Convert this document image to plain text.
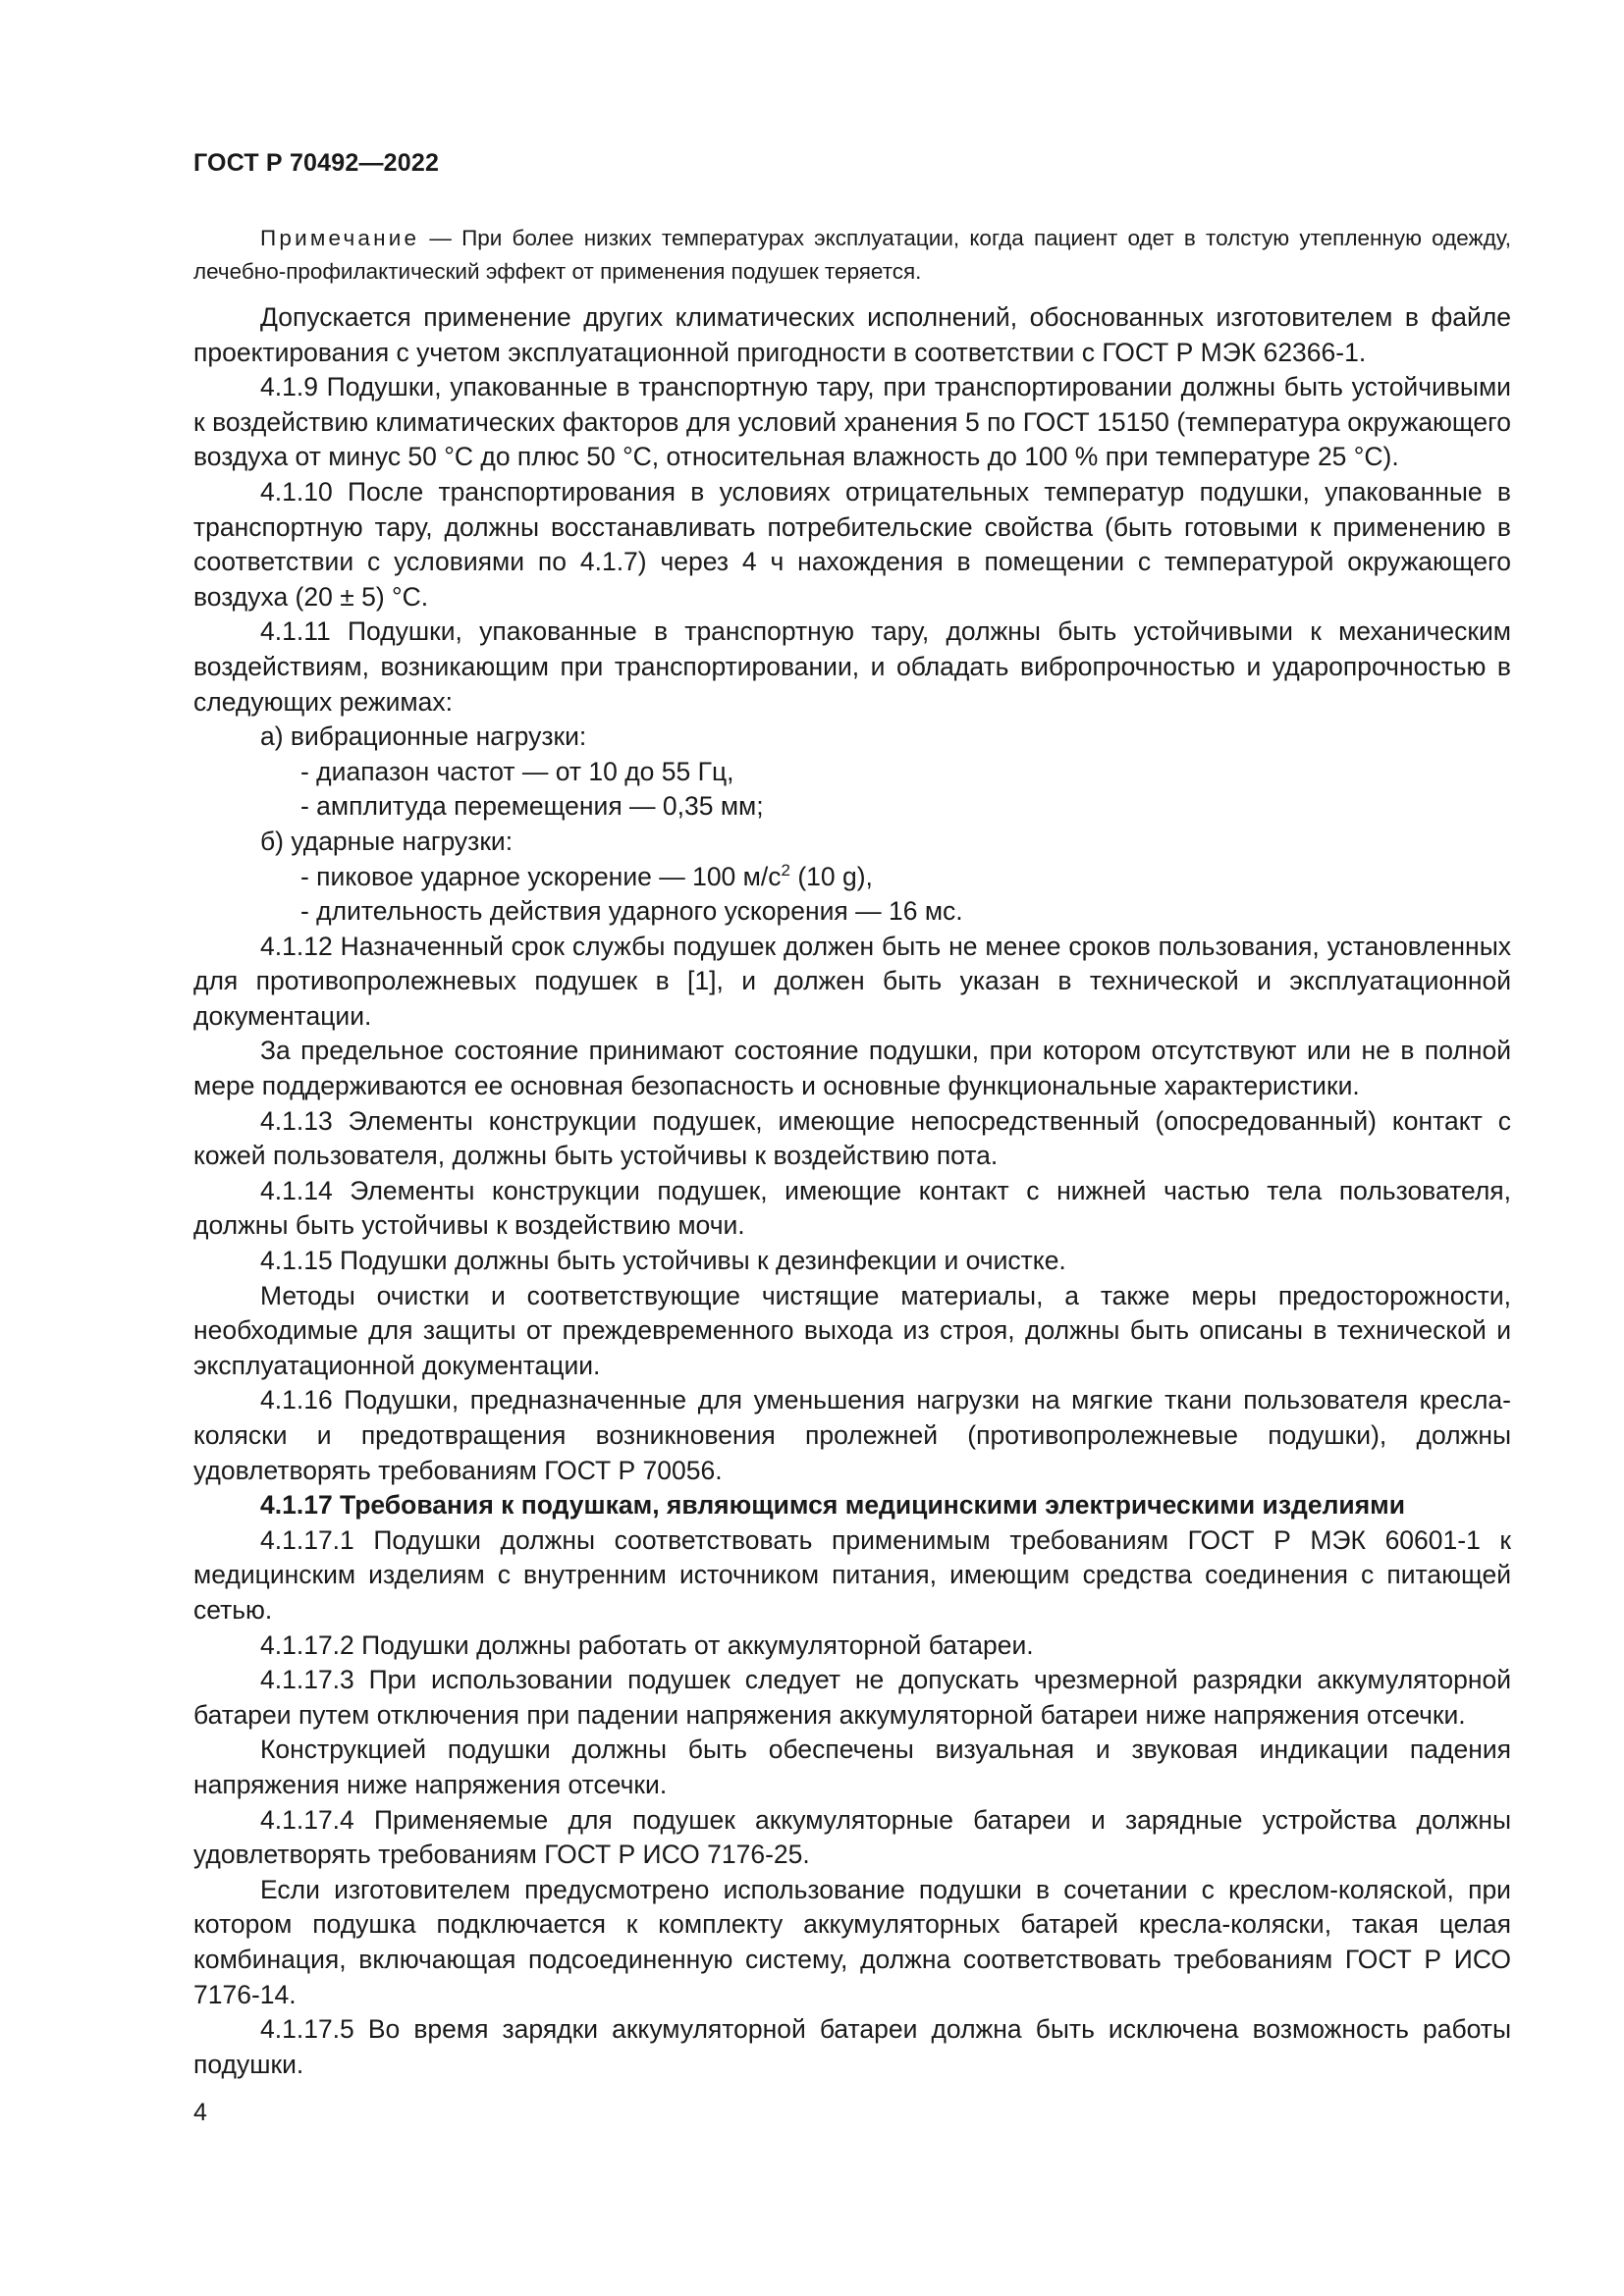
ГОСТ Р 70492—2022

Примечание — При более низких температурах эксплуатации, когда пациент одет в толстую утепленную одежду, лечебно-профилактический эффект от применения подушек теряется.

Допускается применение других климатических исполнений, обоснованных изготовителем в файле проектирования с учетом эксплуатационной пригодности в соответствии с ГОСТ Р МЭК 62366-1.

4.1.9 Подушки, упакованные в транспортную тару, при транспортировании должны быть устойчивыми к воздействию климатических факторов для условий хранения 5 по ГОСТ 15150 (температура окружающего воздуха от минус 50 °С до плюс 50 °С, относительная влажность до 100 % при температуре 25 °С).

4.1.10 После транспортирования в условиях отрицательных температур подушки, упакованные в транспортную тару, должны восстанавливать потребительские свойства (быть готовыми к применению в соответствии с условиями по 4.1.7) через 4 ч нахождения в помещении с температурой окружающего воздуха (20 ± 5) °С.

4.1.11 Подушки, упакованные в транспортную тару, должны быть устойчивыми к механическим воздействиям, возникающим при транспортировании, и обладать вибропрочностью и ударопрочностью в следующих режимах:

а) вибрационные нагрузки:

- диапазон частот — от 10 до 55 Гц,

- амплитуда перемещения — 0,35 мм;

б) ударные нагрузки:

- пиковое ударное ускорение — 100 $м/с^2$ (10 g),

- длительность действия ударного ускорения — 16 мс.

4.1.12 Назначенный срок службы подушек должен быть не менее сроков пользования, установленных для противопролежневых подушек в [1], и должен быть указан в технической и эксплуатационной документации.

За предельное состояние принимают состояние подушки, при котором отсутствуют или не в полной мере поддерживаются ее основная безопасность и основные функциональные характеристики.

4.1.13 Элементы конструкции подушек, имеющие непосредственный (опосредованный) контакт с кожей пользователя, должны быть устойчивы к воздействию пота.

4.1.14 Элементы конструкции подушек, имеющие контакт с нижней частью тела пользователя, должны быть устойчивы к воздействию мочи.

4.1.15 Подушки должны быть устойчивы к дезинфекции и очистке.

Методы очистки и соответствующие чистящие материалы, а также меры предосторожности, необходимые для защиты от преждевременного выхода из строя, должны быть описаны в технической и эксплуатационной документации.

4.1.16 Подушки, предназначенные для уменьшения нагрузки на мягкие ткани пользователя кресла-коляски и предотвращения возникновения пролежней (противопролежневые подушки), должны удовлетворять требованиям ГОСТ Р 70056.

4.1.17 Требования к подушкам, являющимся медицинскими электрическими изделиями

4.1.17.1 Подушки должны соответствовать применимым требованиям ГОСТ Р МЭК 60601-1 к медицинским изделиям с внутренним источником питания, имеющим средства соединения с питающей сетью.

4.1.17.2 Подушки должны работать от аккумуляторной батареи.

4.1.17.3 При использовании подушек следует не допускать чрезмерной разрядки аккумуляторной батареи путем отключения при падении напряжения аккумуляторной батареи ниже напряжения отсечки.

Конструкцией подушки должны быть обеспечены визуальная и звуковая индикации падения напряжения ниже напряжения отсечки.

4.1.17.4 Применяемые для подушек аккумуляторные батареи и зарядные устройства должны удовлетворять требованиям ГОСТ Р ИСО 7176-25.

Если изготовителем предусмотрено использование подушки в сочетании с креслом-коляской, при котором подушка подключается к комплекту аккумуляторных батарей кресла-коляски, такая целая комбинация, включающая подсоединенную систему, должна соответствовать требованиям ГОСТ Р ИСО 7176-14.

4.1.17.5 Во время зарядки аккумуляторной батареи должна быть исключена возможность работы подушки.

4
